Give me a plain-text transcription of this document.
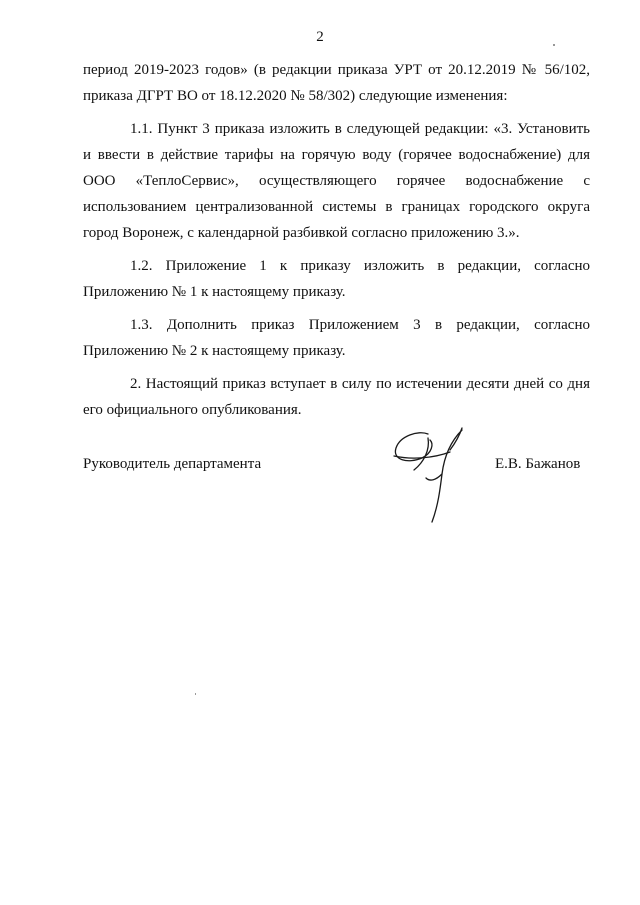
2

период 2019-2023 годов» (в редакции приказа УРТ от 20.12.2019 № 56/102, приказа ДГРТ ВО от 18.12.2020 № 58/302) следующие изменения:

1.1. Пункт 3 приказа изложить в следующей редакции: «3. Установить и ввести в действие тарифы на горячую воду (горячее водоснабжение) для ООО «ТеплоСервис», осуществляющего горячее водоснабжение с использованием централизованной системы в границах городского округа город Воронеж, с календарной разбивкой согласно приложению 3.».

1.2. Приложение 1 к приказу изложить в редакции, согласно Приложению № 1 к настоящему приказу.

1.3. Дополнить приказ Приложением 3 в редакции, согласно Приложению № 2 к настоящему приказу.

2. Настоящий приказ вступает в силу по истечении десяти дней со дня его официального опубликования.

Руководитель департамента	Е.В. Бажанов
